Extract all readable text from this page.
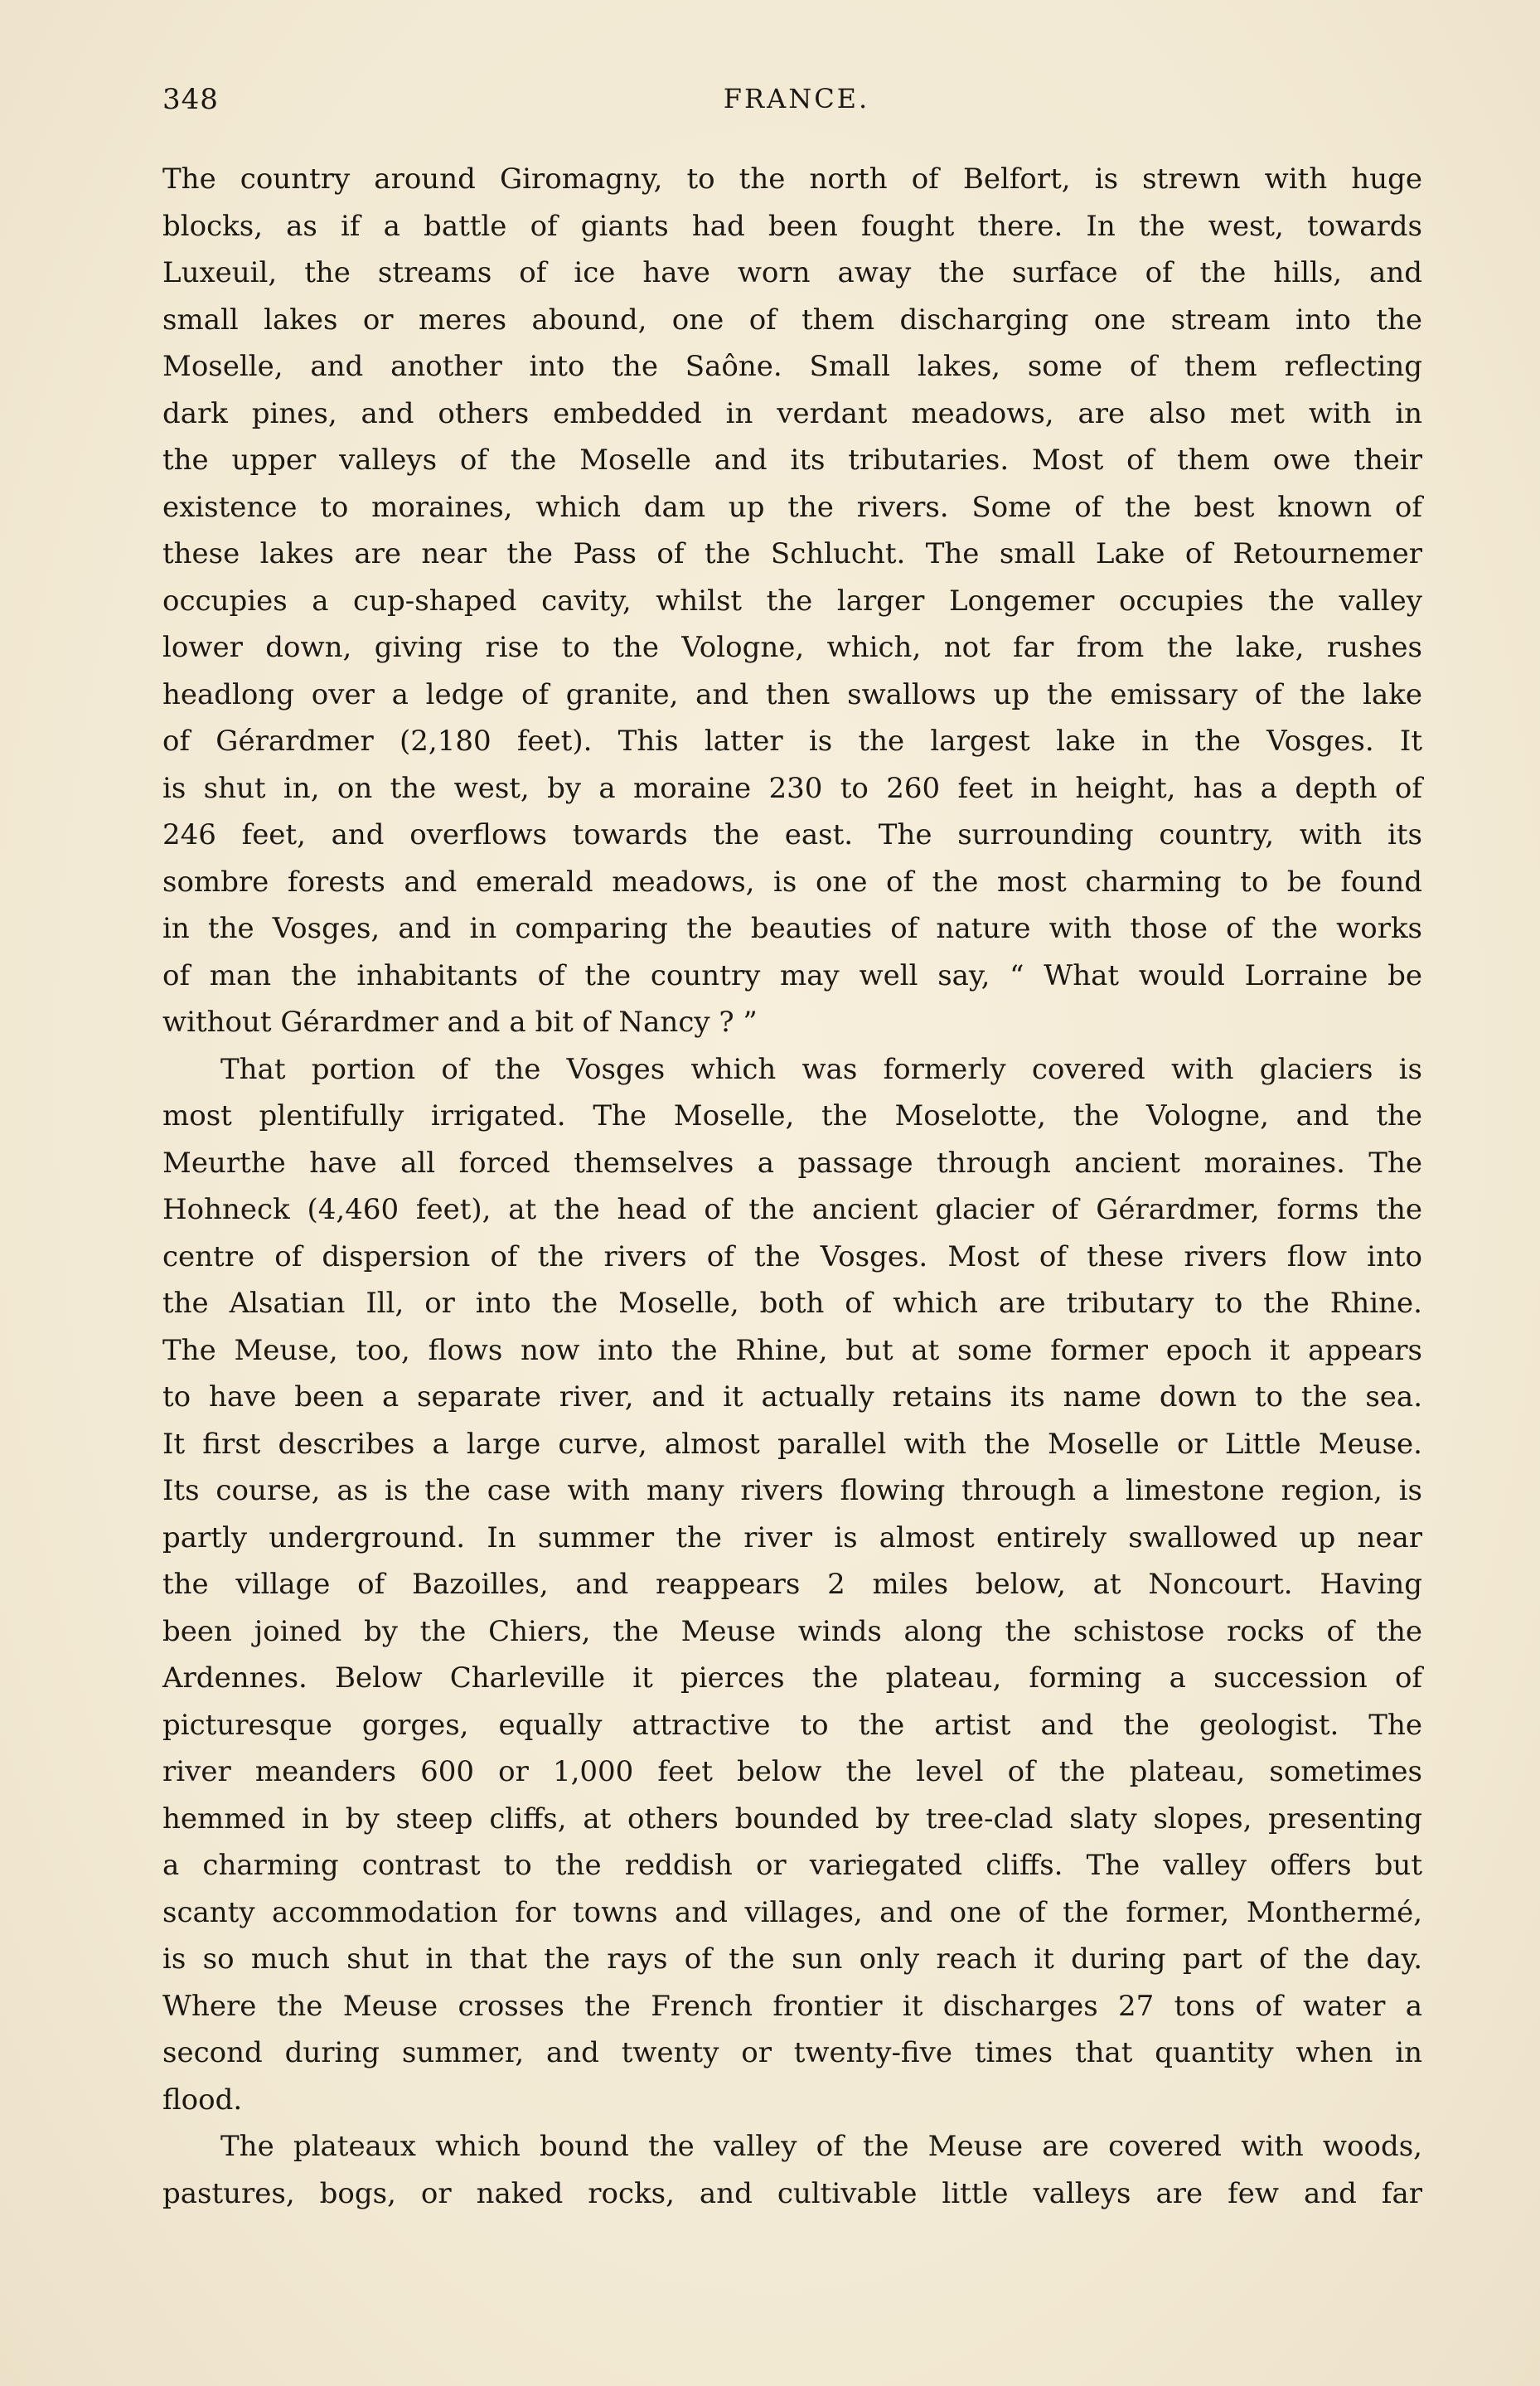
348	FRANCE.
The country around Giromagny, to the north of Belfort, is strewn with huge
blocks, as if a battle of giants had been fought there. In the west, towards
Luxeuil, the streams of ice have worn away the surface of the hills, and
small lakes or meres abound, one of them discharging one stream into the
Moselle, and another into the Saône. Small lakes, some of them reflecting
dark pines, and others embedded in verdant meadows, are also met with in
the upper valleys of the Moselle and its tributaries. Most of them owe their
existence to moraines, which dam up the rivers. Some of the best known of
these lakes are near the Pass of the Schlucht. The small Lake of Retournemer
occupies a cup-shaped cavity, whilst the larger Longemer occupies the valley
lower down, giving rise to the Vologne, which, not far from the lake, rushes
headlong over a ledge of granite, and then swallows up the emissary of the lake
of Gérardmer (2,180 feet). This latter is the largest lake in the Vosges. It
is shut in, on the west, by a moraine 230 to 260 feet in height, has a depth of
246 feet, and overflows towards the east. The surrounding country, with its
sombre forests and emerald meadows, is one of the most charming to be found
in the Vosges, and in comparing the beauties of nature with those of the works
of man the inhabitants of the country may well say, “ What would Lorraine be
without Gérardmer and a bit of Nancy ? ”
That portion of the Vosges which was formerly covered with glaciers is
most plentifully irrigated. The Moselle, the Moselotte, the Vologne, and the
Meurthe have all forced themselves a passage through ancient moraines. The
Hohneck (4,460 feet), at the head of the ancient glacier of Gérardmer, forms the
centre of dispersion of the rivers of the Vosges. Most of these rivers flow into
the Alsatian Ill, or into the Moselle, both of which are tributary to the Rhine.
The Meuse, too, flows now into the Rhine, but at some former epoch it appears
to have been a separate river, and it actually retains its name down to the sea.
It first describes a large curve, almost parallel with the Moselle or Little Meuse.
Its course, as is the case with many rivers flowing through a limestone region, is
partly underground. In summer the river is almost entirely swallowed up near
the village of Bazoilles, and reappears 2 miles below, at Noncourt. Having
been joined by the Chiers, the Meuse winds along the schistose rocks of the
Ardennes. Below Charleville it pierces the plateau, forming a succession of
picturesque gorges, equally attractive to the artist and the geologist. The
river meanders 600 or 1,000 feet below the level of the plateau, sometimes
hemmed in by steep cliffs, at others bounded by tree-clad slaty slopes, presenting
a charming contrast to the reddish or variegated cliffs. The valley offers but
scanty accommodation for towns and villages, and one of the former, Monthermé,
is so much shut in that the rays of the sun only reach it during part of the day.
Where the Meuse crosses the French frontier it discharges 27 tons of water a
second during summer, and twenty or twenty-five times that quantity when in
flood.
The plateaux which bound the valley of the Meuse are covered with woods,
pastures, bogs, or naked rocks, and cultivable little valleys are few and far
